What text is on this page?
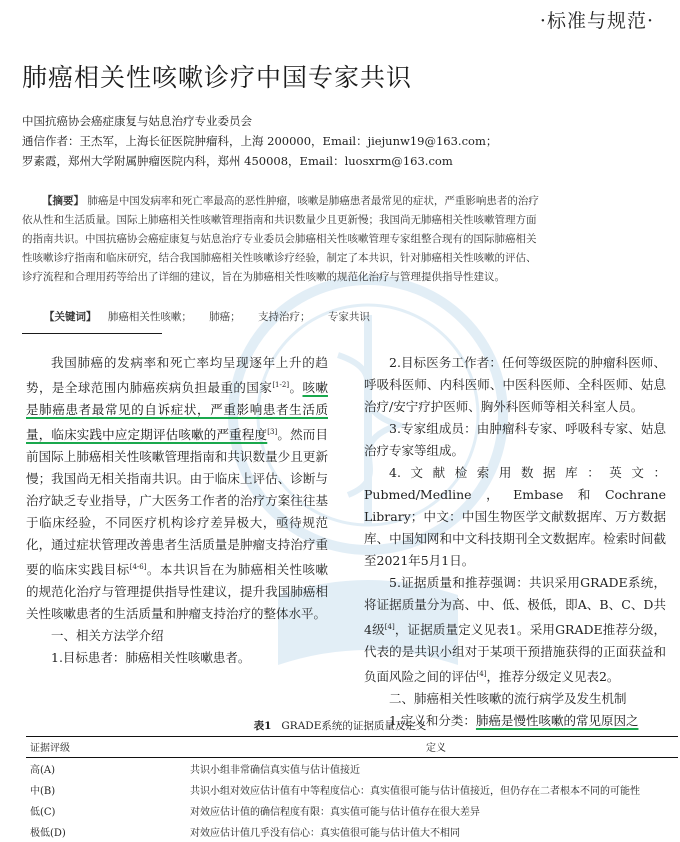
·标准与规范·
肺癌相关性咳嗽诊疗中国专家共识
中国抗癌协会癌症康复与姑息治疗专业委员会
通信作者：王杰军，上海长征医院肿瘤科，上海 200000，Email：jiejunw19@163.com；
罗素霞，郑州大学附属肿瘤医院内科，郑州 450008，Email：luosxrm@163.com
【摘要】 肺癌是中国发病率和死亡率最高的恶性肿瘤，咳嗽是肺癌患者最常见的症状，严重影响患者的治疗依从性和生活质量。国际上肺癌相关性咳嗽管理指南和共识数量少且更新慢；我国尚无肺癌相关性咳嗽管理方面的指南共识。中国抗癌协会癌症康复与姑息治疗专业委员会肺癌相关性咳嗽管理专家组整合现有的国际肺癌相关性咳嗽诊疗指南和临床研究，结合我国肺癌相关性咳嗽诊疗经验，制定了本共识，针对肺癌相关性咳嗽的评估、诊疗流程和合理用药等给出了详细的建议，旨在为肺癌相关性咳嗽的规范化治疗与管理提供指导性建议。
【关键词】 肺癌相关性咳嗽； 肺癌； 支持治疗； 专家共识

我国肺癌的发病率和死亡率均呈现逐年上升的趋势，是全球范围内肺癌疾病负担最重的国家[1-2]。咳嗽是肺癌患者最常见的自诉症状，严重影响患者生活质量，临床实践中应定期评估咳嗽的严重程度[3]。然而目前国际上肺癌相关性咳嗽管理指南和共识数量少且更新慢；我国尚无相关指南共识。由于临床上评估、诊断与治疗缺乏专业指导，广大医务工作者的治疗方案往往基于临床经验，不同医疗机构诊疗差异极大，亟待规范化，通过症状管理改善患者生活质量是肿瘤支持治疗重要的临床实践目标[4-6]。本共识旨在为肺癌相关性咳嗽的规范化治疗与管理提供指导性建议，提升我国肺癌相关性咳嗽患者的生活质量和肿瘤支持治疗的整体水平。

一、相关方法学介绍

1.目标患者：肺癌相关性咳嗽患者。

2.目标医务工作者：任何等级医院的肿瘤科医师、呼吸科医师、内科医师、中医科医师、全科医师、姑息治疗/安宁疗护医师、胸外科医师等相关科室人员。

3.专家组成员：由肿瘤科专家、呼吸科专家、姑息治疗专家等组成。

4.文献检索用数据库：英文：Pubmed/Medline，Embase和Cochrane Library；中文：中国生物医学文献数据库、万方数据库、中国知网和中文科技期刊全文数据库。检索时间截至2021年5月1日。

5.证据质量和推荐强调：共识采用GRADE系统，将证据质量分为高、中、低、极低，即A、B、C、D共4级[4]，证据质量定义见表1。采用GRADE推荐分级，代表的是共识小组对于某项干预措施获得的正面获益和负面风险之间的评估[4]，推荐分级定义见表2。

二、肺癌相关性咳嗽的流行病学及发生机制

1.定义和分类：肺癌是慢性咳嗽的常见原因之

表1 GRADE系统的证据质量及定义
证据评级	定义
高(A)	共识小组非常确信真实值与估计值接近
中(B)	共识小组对效应估计值有中等程度信心：真实值很可能与估计值接近，但仍存在二者根本不同的可能性
低(C)	对效应估计值的确信程度有限：真实值可能与估计值存在很大差异
极低(D)	对效应估计值几乎没有信心：真实值很可能与估计值大不相同
